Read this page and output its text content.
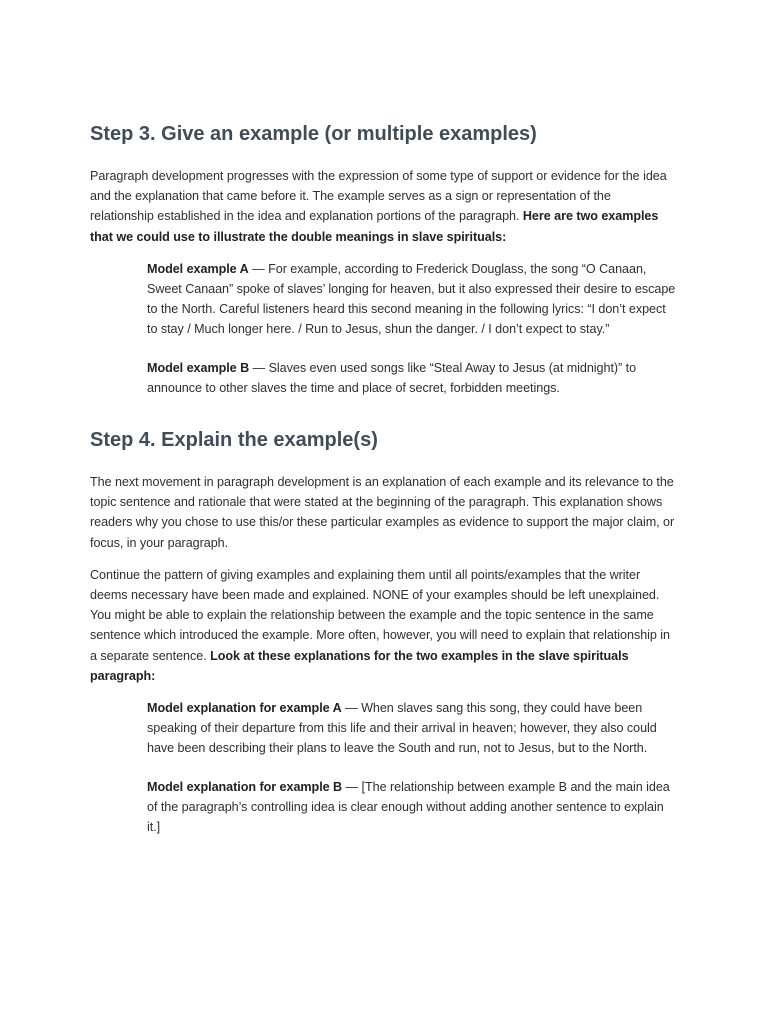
Step 3. Give an example (or multiple examples)

Paragraph development progresses with the expression of some type of support or evidence for the idea and the explanation that came before it. The example serves as a sign or representation of the relationship established in the idea and explanation portions of the paragraph. Here are two examples that we could use to illustrate the double meanings in slave spirituals:

Model example A — For example, according to Frederick Douglass, the song “O Canaan, Sweet Canaan” spoke of slaves’ longing for heaven, but it also expressed their desire to escape to the North. Careful listeners heard this second meaning in the following lyrics: “I don’t expect to stay / Much longer here. / Run to Jesus, shun the danger. / I don’t expect to stay.”

Model example B — Slaves even used songs like “Steal Away to Jesus (at midnight)” to announce to other slaves the time and place of secret, forbidden meetings.

Step 4. Explain the example(s)

The next movement in paragraph development is an explanation of each example and its relevance to the topic sentence and rationale that were stated at the beginning of the paragraph. This explanation shows readers why you chose to use this/or these particular examples as evidence to support the major claim, or focus, in your paragraph.

Continue the pattern of giving examples and explaining them until all points/examples that the writer deems necessary have been made and explained. NONE of your examples should be left unexplained. You might be able to explain the relationship between the example and the topic sentence in the same sentence which introduced the example. More often, however, you will need to explain that relationship in a separate sentence. Look at these explanations for the two examples in the slave spirituals paragraph:

Model explanation for example A — When slaves sang this song, they could have been speaking of their departure from this life and their arrival in heaven; however, they also could have been describing their plans to leave the South and run, not to Jesus, but to the North.

Model explanation for example B — [The relationship between example B and the main idea of the paragraph’s controlling idea is clear enough without adding another sentence to explain it.]
